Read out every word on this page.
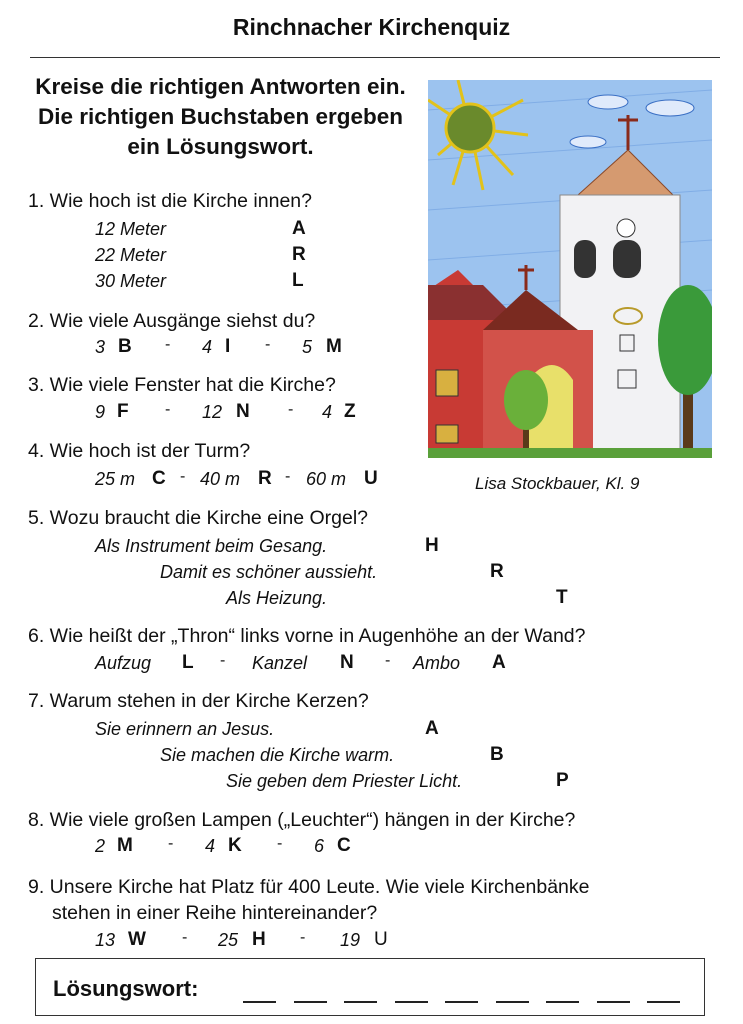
Rinchnacher Kirchenquiz
Kreise die richtigen Antworten ein. Die richtigen Buchstaben ergeben ein Lösungswort.
1. Wie hoch ist die Kirche innen?
12 Meter	A
22 Meter	R
30 Meter	L
2. Wie viele Ausgänge siehst du?
3 B - 4 I - 5 M
3. Wie viele Fenster hat die Kirche?
9 F - 12 N - 4 Z
4. Wie hoch ist der Turm?
25 m C - 40 m R - 60 m U
5. Wozu braucht die Kirche eine Orgel?
Als Instrument beim Gesang.	H
Damit es schöner aussieht.	R
Als Heizung.	T
6. Wie heißt der „Thron“ links vorne in Augenhöhe an der Wand?
Aufzug L - Kanzel N - Ambo A
7. Warum stehen in der Kirche Kerzen?
Sie erinnern an Jesus.	A
Sie machen die Kirche warm.	B
Sie geben dem Priester Licht.	P
8. Wie viele großen Lampen („Leuchter“) hängen in der Kirche?
2 M - 4 K - 6 C
9. Unsere Kirche hat Platz für 400 Leute. Wie viele Kirchenbänke
stehen in einer Reihe hintereinander?
13 W - 25 H - 19 U
Lisa Stockbauer, Kl. 9
Lösungswort:
